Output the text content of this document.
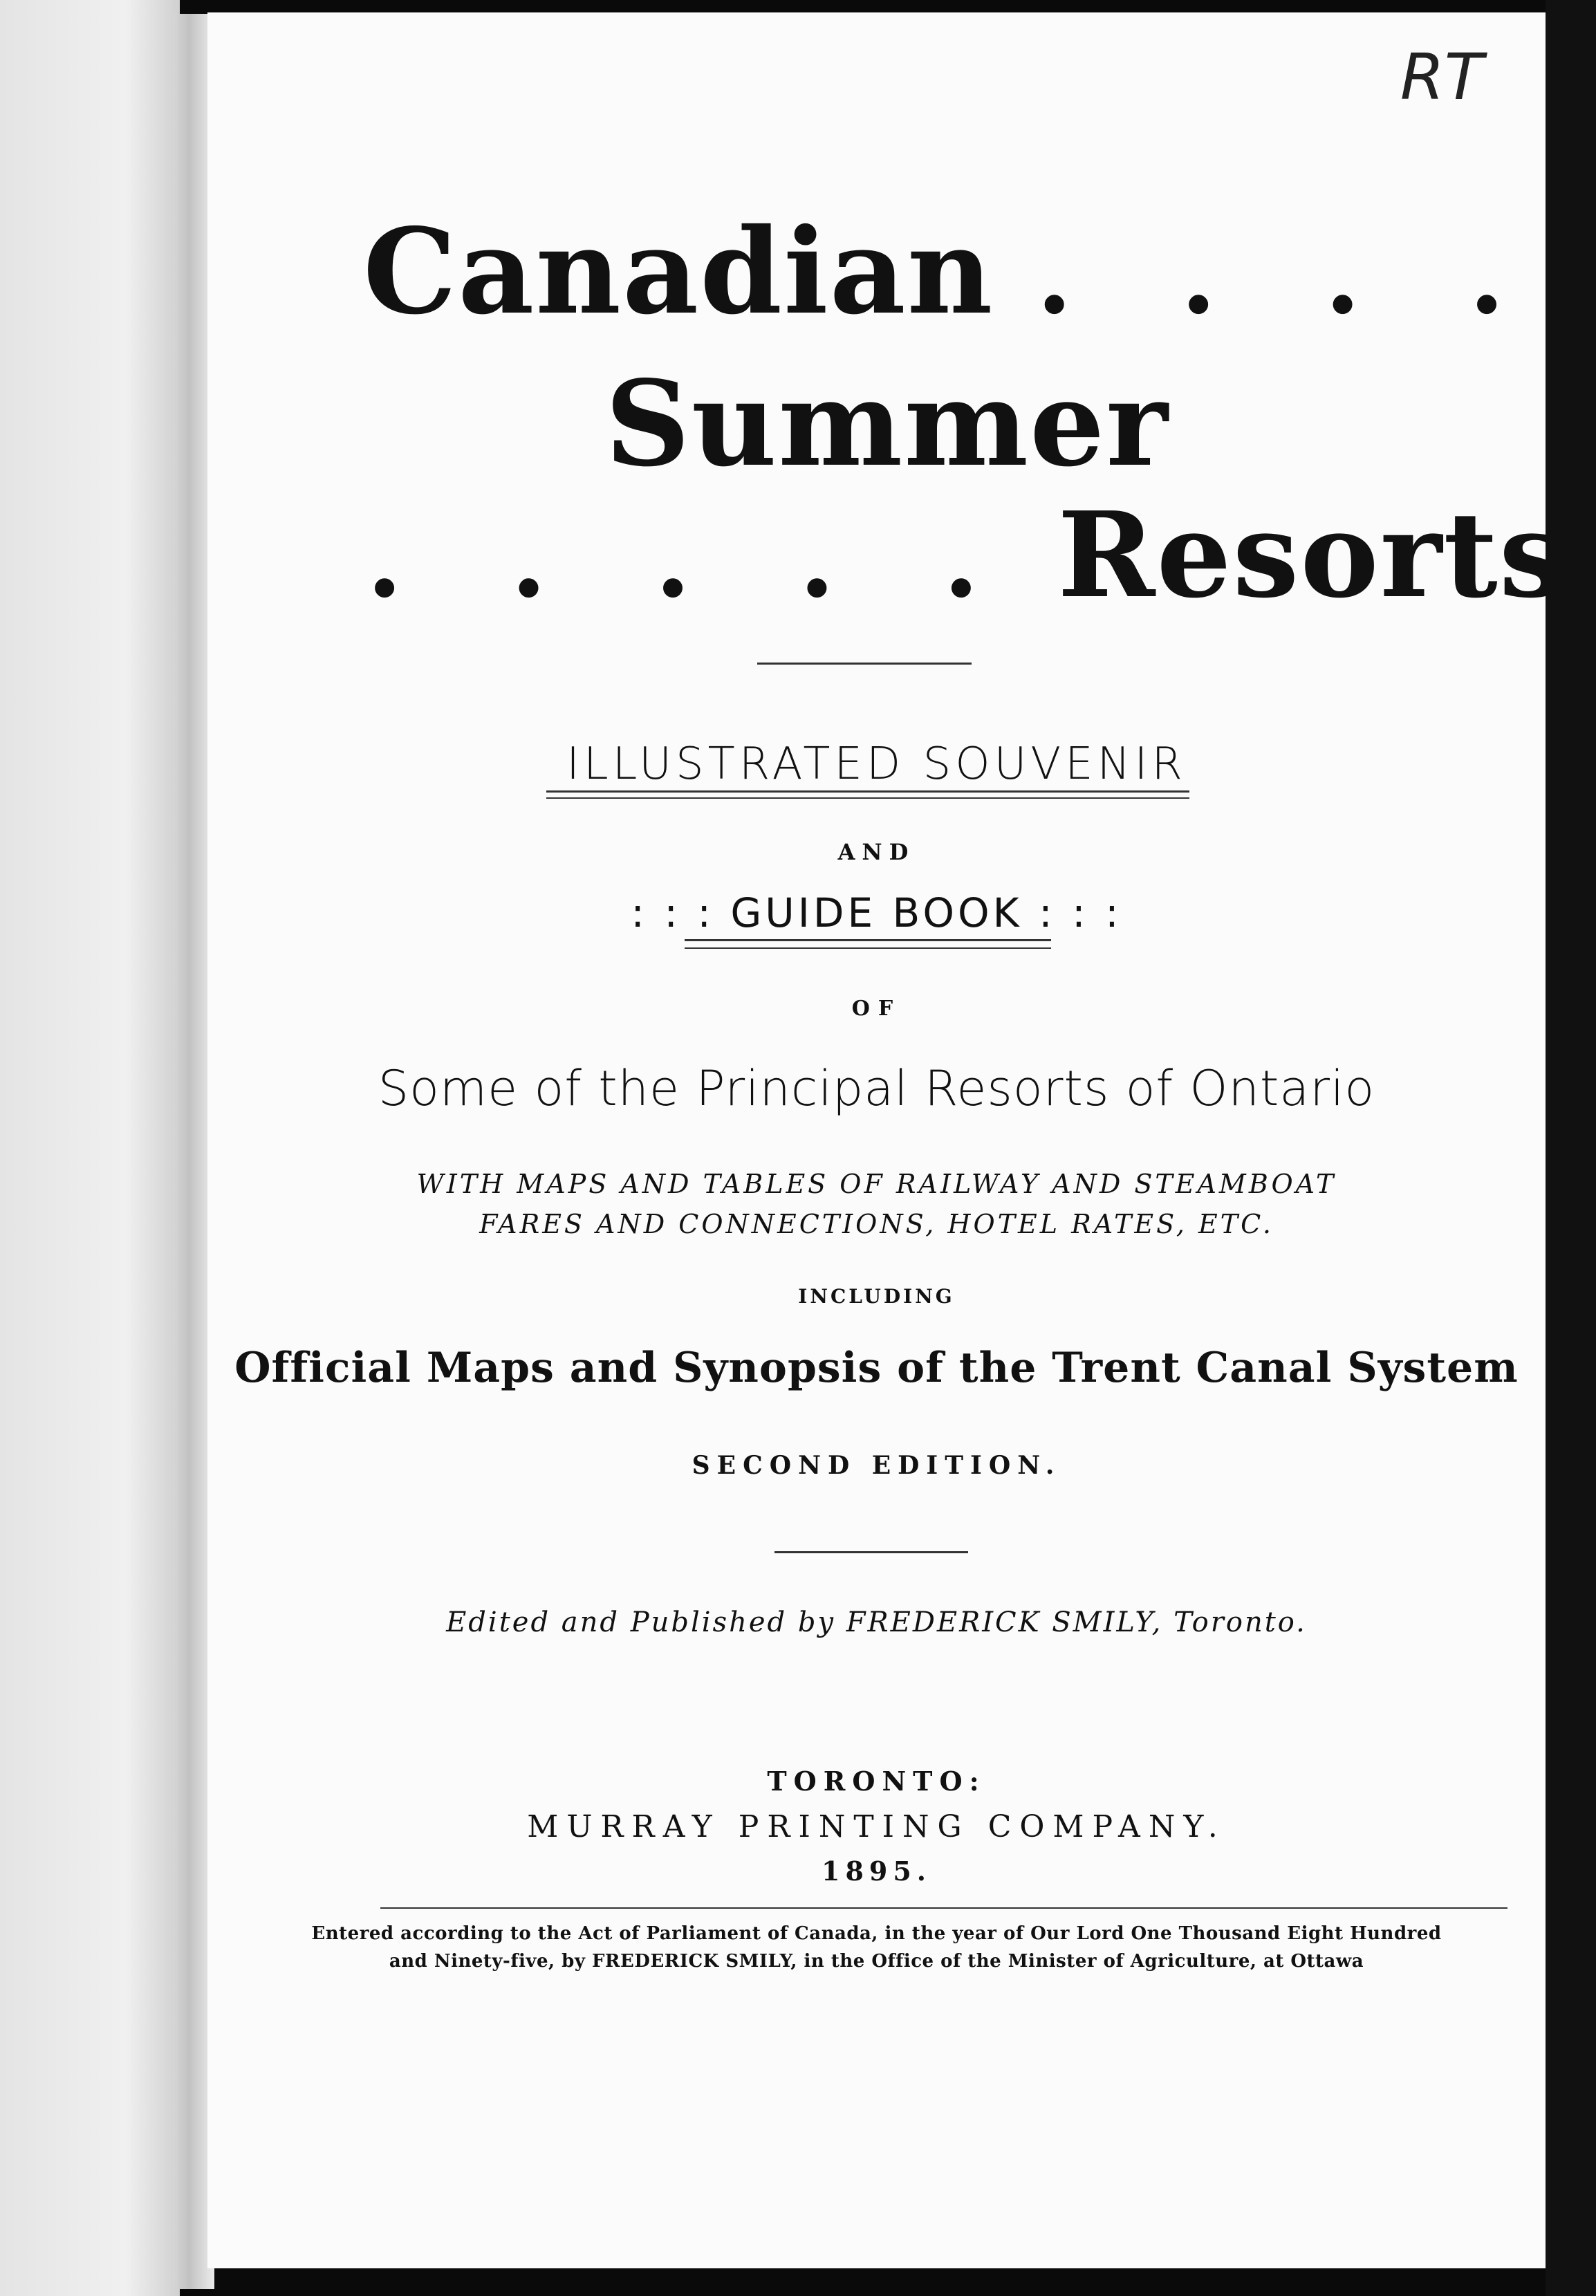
RT
Canadian . . . .
Summer
. . . . . Resorts
ILLUSTRATED SOUVENIR
AND
: : : GUIDE BOOK : : :
OF
Some of the Principal Resorts of Ontario
WITH MAPS AND TABLES OF RAILWAY AND STEAMBOAT
FARES AND CONNECTIONS, HOTEL RATES, ETC.
INCLUDING
Official Maps and Synopsis of the Trent Canal System
SECOND EDITION.
Edited and Published by FREDERICK SMILY, Toronto.
TORONTO:
MURRAY PRINTING COMPANY.
1895.
Entered according to the Act of Parliament of Canada, in the year of Our Lord One Thousand Eight Hundred
and Ninety-five, by FREDERICK SMILY, in the Office of the Minister of Agriculture, at Ottawa
